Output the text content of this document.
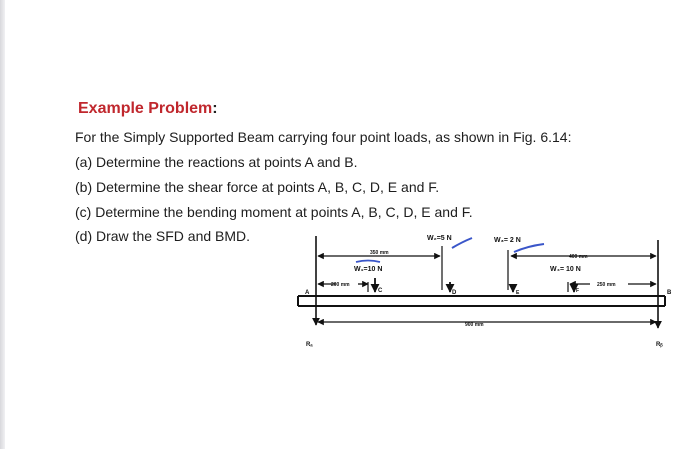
Example Problem:
For the Simply Supported Beam carrying four point loads, as shown in Fig. 6.14:
(a) Determine the reactions at points A and B.
(b) Determine the shear force at points A, B, C, D, E and F.
(c) Determine the bending moment at points A, B, C, D, E and F.
(d) Draw the SFD and BMD.	W₂=5 N	W₃= 2 N
W₁=10 N	W₄= 10 N
350 mm
200 mm
900 mm
400 mm
250 mm
A	B
C	D	E	F
Rₐ	Rᵦ
